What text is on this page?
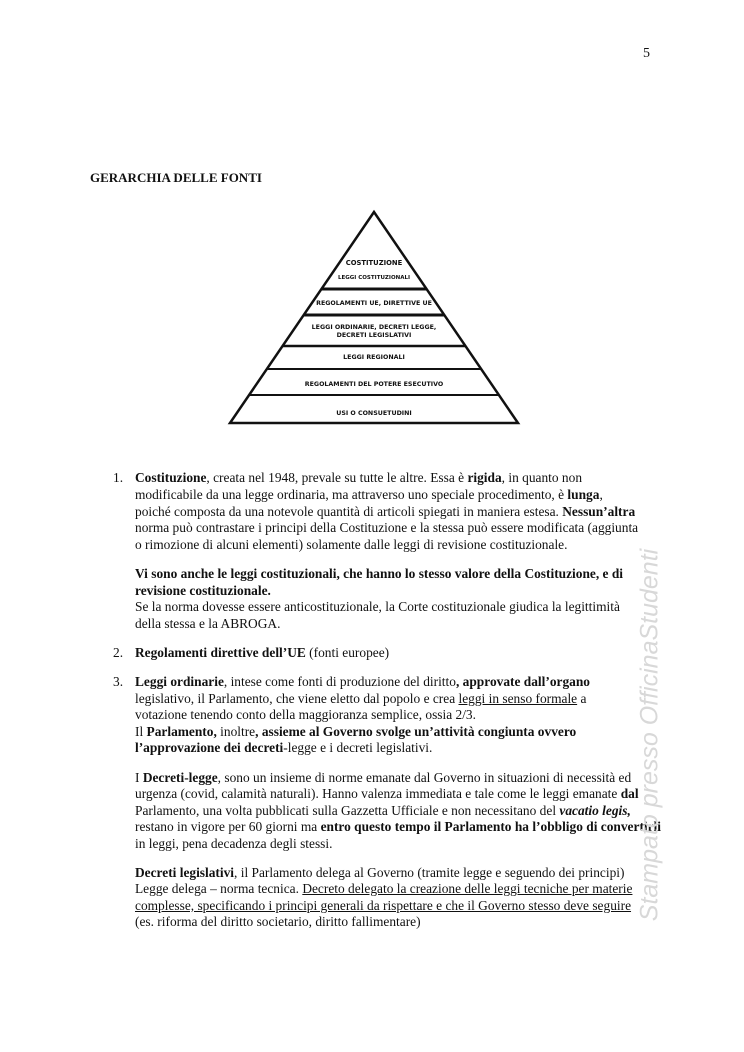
5
GERARCHIA DELLE FONTI
COSTITUZIONE
LEGGI COSTITUZIONALI
REGOLAMENTI UE, DIRETTIVE UE
LEGGI ORDINARIE, DECRETI LEGGE,
DECRETI LEGISLATIVI
LEGGI REGIONALI
REGOLAMENTI DEL POTERE ESECUTIVO
USI O CONSUETUDINI
1.
2.
3.
Costituzione, creata nel 1948, prevale su tutte le altre. Essa è rigida, in quanto non
modificabile da una legge ordinaria, ma attraverso uno speciale procedimento, è lunga,
poiché composta da una notevole quantità di articoli spiegati in maniera estesa. Nessun’altra
norma può contrastare i principi della Costituzione e la stessa può essere modificata (aggiunta
o rimozione di alcuni elementi) solamente dalle leggi di revisione costituzionale.
Vi sono anche le leggi costituzionali, che hanno lo stesso valore della Costituzione, e di
revisione costituzionale.
Se la norma dovesse essere anticostituzionale, la Corte costituzionale giudica la legittimità
della stessa e la ABROGA.
Regolamenti direttive dell’UE (fonti europee)
Leggi ordinarie, intese come fonti di produzione del diritto, approvate dall’organo
legislativo, il Parlamento, che viene eletto dal popolo e crea leggi in senso formale a
votazione tenendo conto della maggioranza semplice, ossia 2/3.
Il Parlamento, inoltre, assieme al Governo svolge un’attività congiunta ovvero
l’approvazione dei decreti-legge e i decreti legislativi.
I Decreti-legge, sono un insieme di norme emanate dal Governo in situazioni di necessità ed
urgenza (covid, calamità naturali). Hanno valenza immediata e tale come le leggi emanate dal
Parlamento, una volta pubblicati sulla Gazzetta Ufficiale e non necessitano del vacatio legis,
restano in vigore per 60 giorni ma entro questo tempo il Parlamento ha l’obbligo di convertirli
in leggi, pena decadenza degli stessi.
Decreti legislativi, il Parlamento delega al Governo (tramite legge e seguendo dei principi)
Legge delega – norma tecnica. Decreto delegato la creazione delle leggi tecniche per materie
complesse, specificando i principi generali da rispettare e che il Governo stesso deve seguire
(es. riforma del diritto societario, diritto fallimentare)
Stampato presso OfficinaStudenti
